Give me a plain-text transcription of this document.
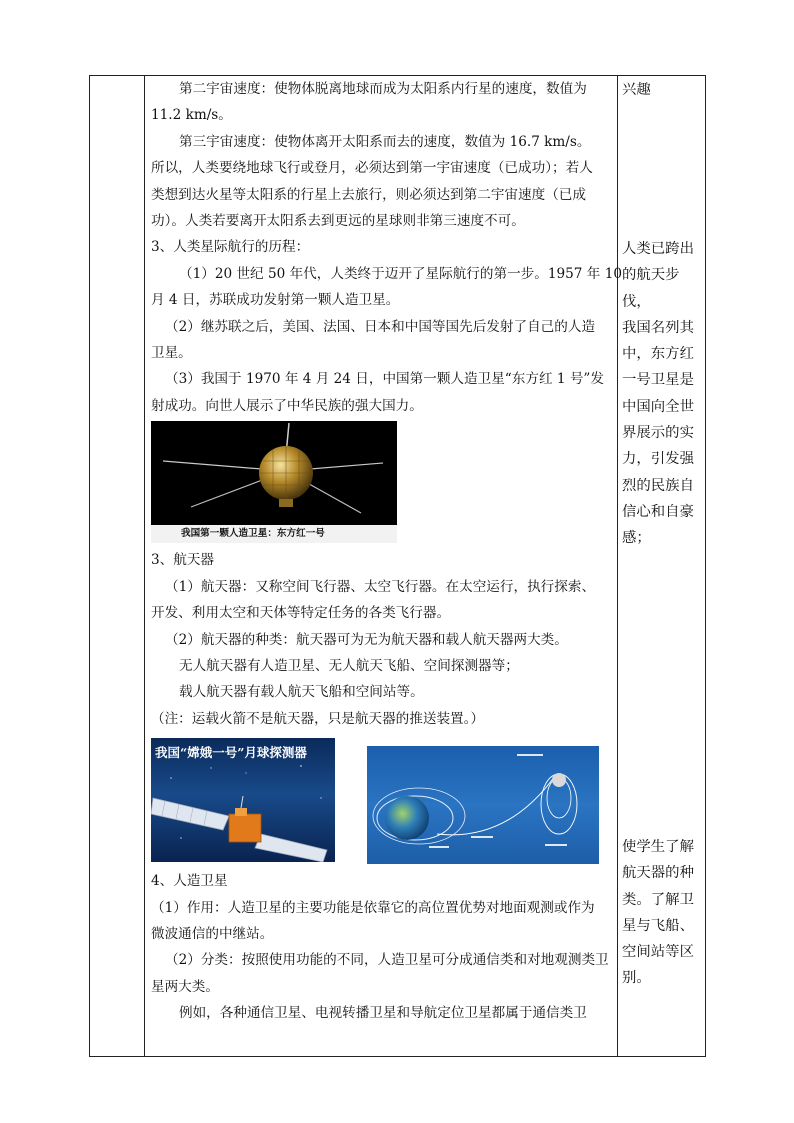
第二宇宙速度：使物体脱离地球而成为太阳系内行星的速度，数值为

11.2 km/s。

第三宇宙速度：使物体离开太阳系而去的速度，数值为 16.7 km/s。

所以，人类要绕地球飞行或登月，必须达到第一宇宙速度（已成功）；若人

类想到达火星等太阳系的行星上去旅行，则必须达到第二宇宙速度（已成

功）。人类若要离开太阳系去到更远的星球则非第三速度不可。

3、人类星际航行的历程：

（1）20 世纪 50 年代，人类终于迈开了星际航行的第一步。1957 年 10

月 4 日，苏联成功发射第一颗人造卫星。

（2）继苏联之后，美国、法国、日本和中国等国先后发射了自己的人造

卫星。

（3）我国于 1970 年 4 月 24 日，中国第一颗人造卫星“东方红 1 号”发

射成功。向世人展示了中华民族的强大国力。

我国第一颗人造卫星：东方红一号

3、航天器

（1）航天器：又称空间飞行器、太空飞行器。在太空运行，执行探索、

开发、利用太空和天体等特定任务的各类飞行器。

（2）航天器的种类：航天器可为无为航天器和载人航天器两大类。

无人航天器有人造卫星、无人航天飞船、空间探测器等；

载人航天器有载人航天飞船和空间站等。

（注：运载火箭不是航天器，只是航天器的推送装置。）

我国“嫦娥一号”月球探测器

4、人造卫星

（1）作用：人造卫星的主要功能是依靠它的高位置优势对地面观测或作为

微波通信的中继站。

（2）分类：按照使用功能的不同，人造卫星可分成通信类和对地观测类卫

星两大类。

例如，各种通信卫星、电视转播卫星和导航定位卫星都属于通信类卫

兴趣

人类已跨出

的航天步伐，

我国名列其

中，东方红

一号卫星是

中国向全世

界展示的实

力，引发强

烈的民族自

信心和自豪

感；

使学生了解

航天器的种

类。了解卫

星与飞船、

空间站等区

别。
